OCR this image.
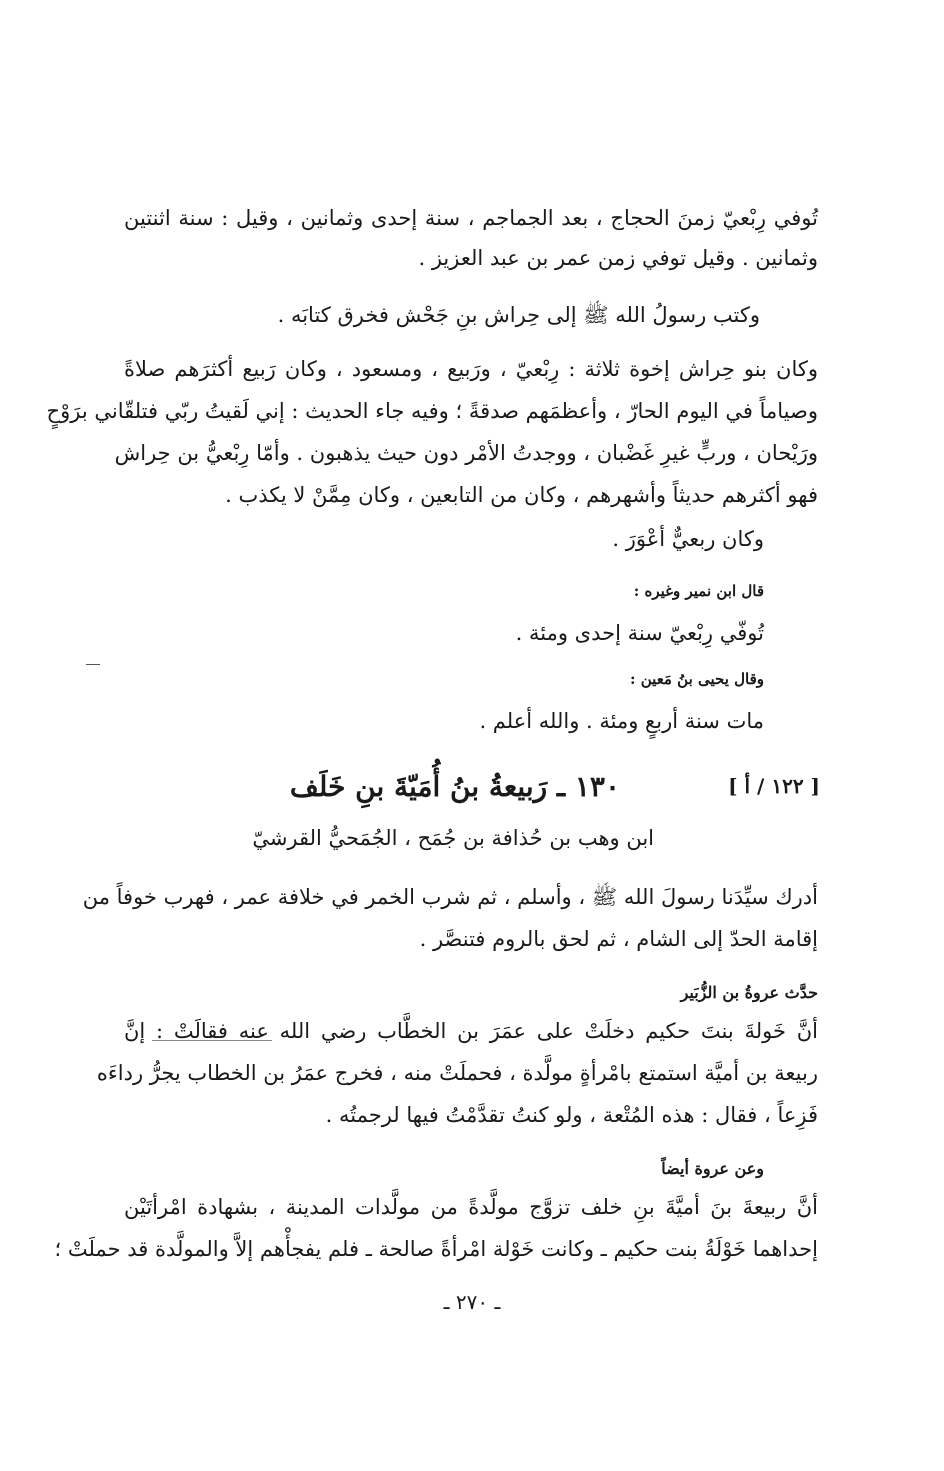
تُوفي رِبْعيّ زمنَ الحجاج ، بعد الجماجم ، سنة إحدى وثمانين ، وقيل : سنة اثنتين
وثمانين . وقيل توفي زمن عمر بن عبد العزيز .
وكتب رسولُ الله ﷺ إلى حِراش بنِ جَحْش فخرق كتابَه .
وكان بنو حِراش إخوة ثلاثة : رِبْعيّ ، ورَبيع ، ومسعود ، وكان رَبيع أكثرَهم صلاةً
وصياماً في اليوم الحارّ ، وأعظمَهم صدقةً ؛ وفيه جاء الحديث : إني لَقيتُ ربّي فتلقّاني برَوْحٍ
ورَيْحان ، وربٍّ غيرِ غَضْبان ، ووجدتُ الأمْر دون حيث يذهبون . وأمّا رِبْعيُّ بن حِراش
فهو أكثرهم حديثاً وأشهرهم ، وكان من التابعين ، وكان مِمَّنْ لا يكذب .
وكان ربعيٌّ أعْوَرَ .
قال ابن نمير وغيره :
تُوفّي رِبْعيّ سنة إحدى ومئة .
وقال يحيى بنُ مَعين :
مات سنة أربعٍ ومئة . والله أعلم .
[ ١٢٢ / أ ]
١٣٠ ـ رَبيعةُ بنُ أُمَيّةَ بنِ خَلَف
ابن وهب بن حُذافة بن جُمَح ، الجُمَحيُّ القرشيّ
أدرك سيِّدَنا رسولَ الله ﷺ ، وأسلم ، ثم شرب الخمر في خلافة عمر ، فهرب خوفاً من
إقامة الحدّ إلى الشام ، ثم لحق بالروم فتنصَّر .
حدَّث عروةُ بن الزُّبَير
أنَّ خَولةَ بنتَ حكيم دخلَتْ على عمَرَ بن الخطَّاب رضي الله عنه فقالَتْ : إنَّ
ربيعة بن أميَّة استمتع بامْرأةٍ مولَّدة ، فحملَتْ منه ، فخرج عمَرُ بن الخطاب يجرُّ رداءَه
فَزِعاً ، فقال : هذه المُتْعة ، ولو كنتُ تقدَّمْتُ فيها لرجمتُه .
وعن عروة أيضاً
أنَّ ربيعةَ بنَ أميَّةَ بنِ خلف تزوَّج مولَّدةً من مولَّدات المدينة ، بشهادة امْرأتَيْن
إحداهما خَوْلَةُ بنت حكيم ـ وكانت خَوْلة امْرأةً صالحة ـ فلم يفجأْهم إلاَّ والمولَّدة قد حملَتْ ؛
ـ ٢٧٠ ـ
